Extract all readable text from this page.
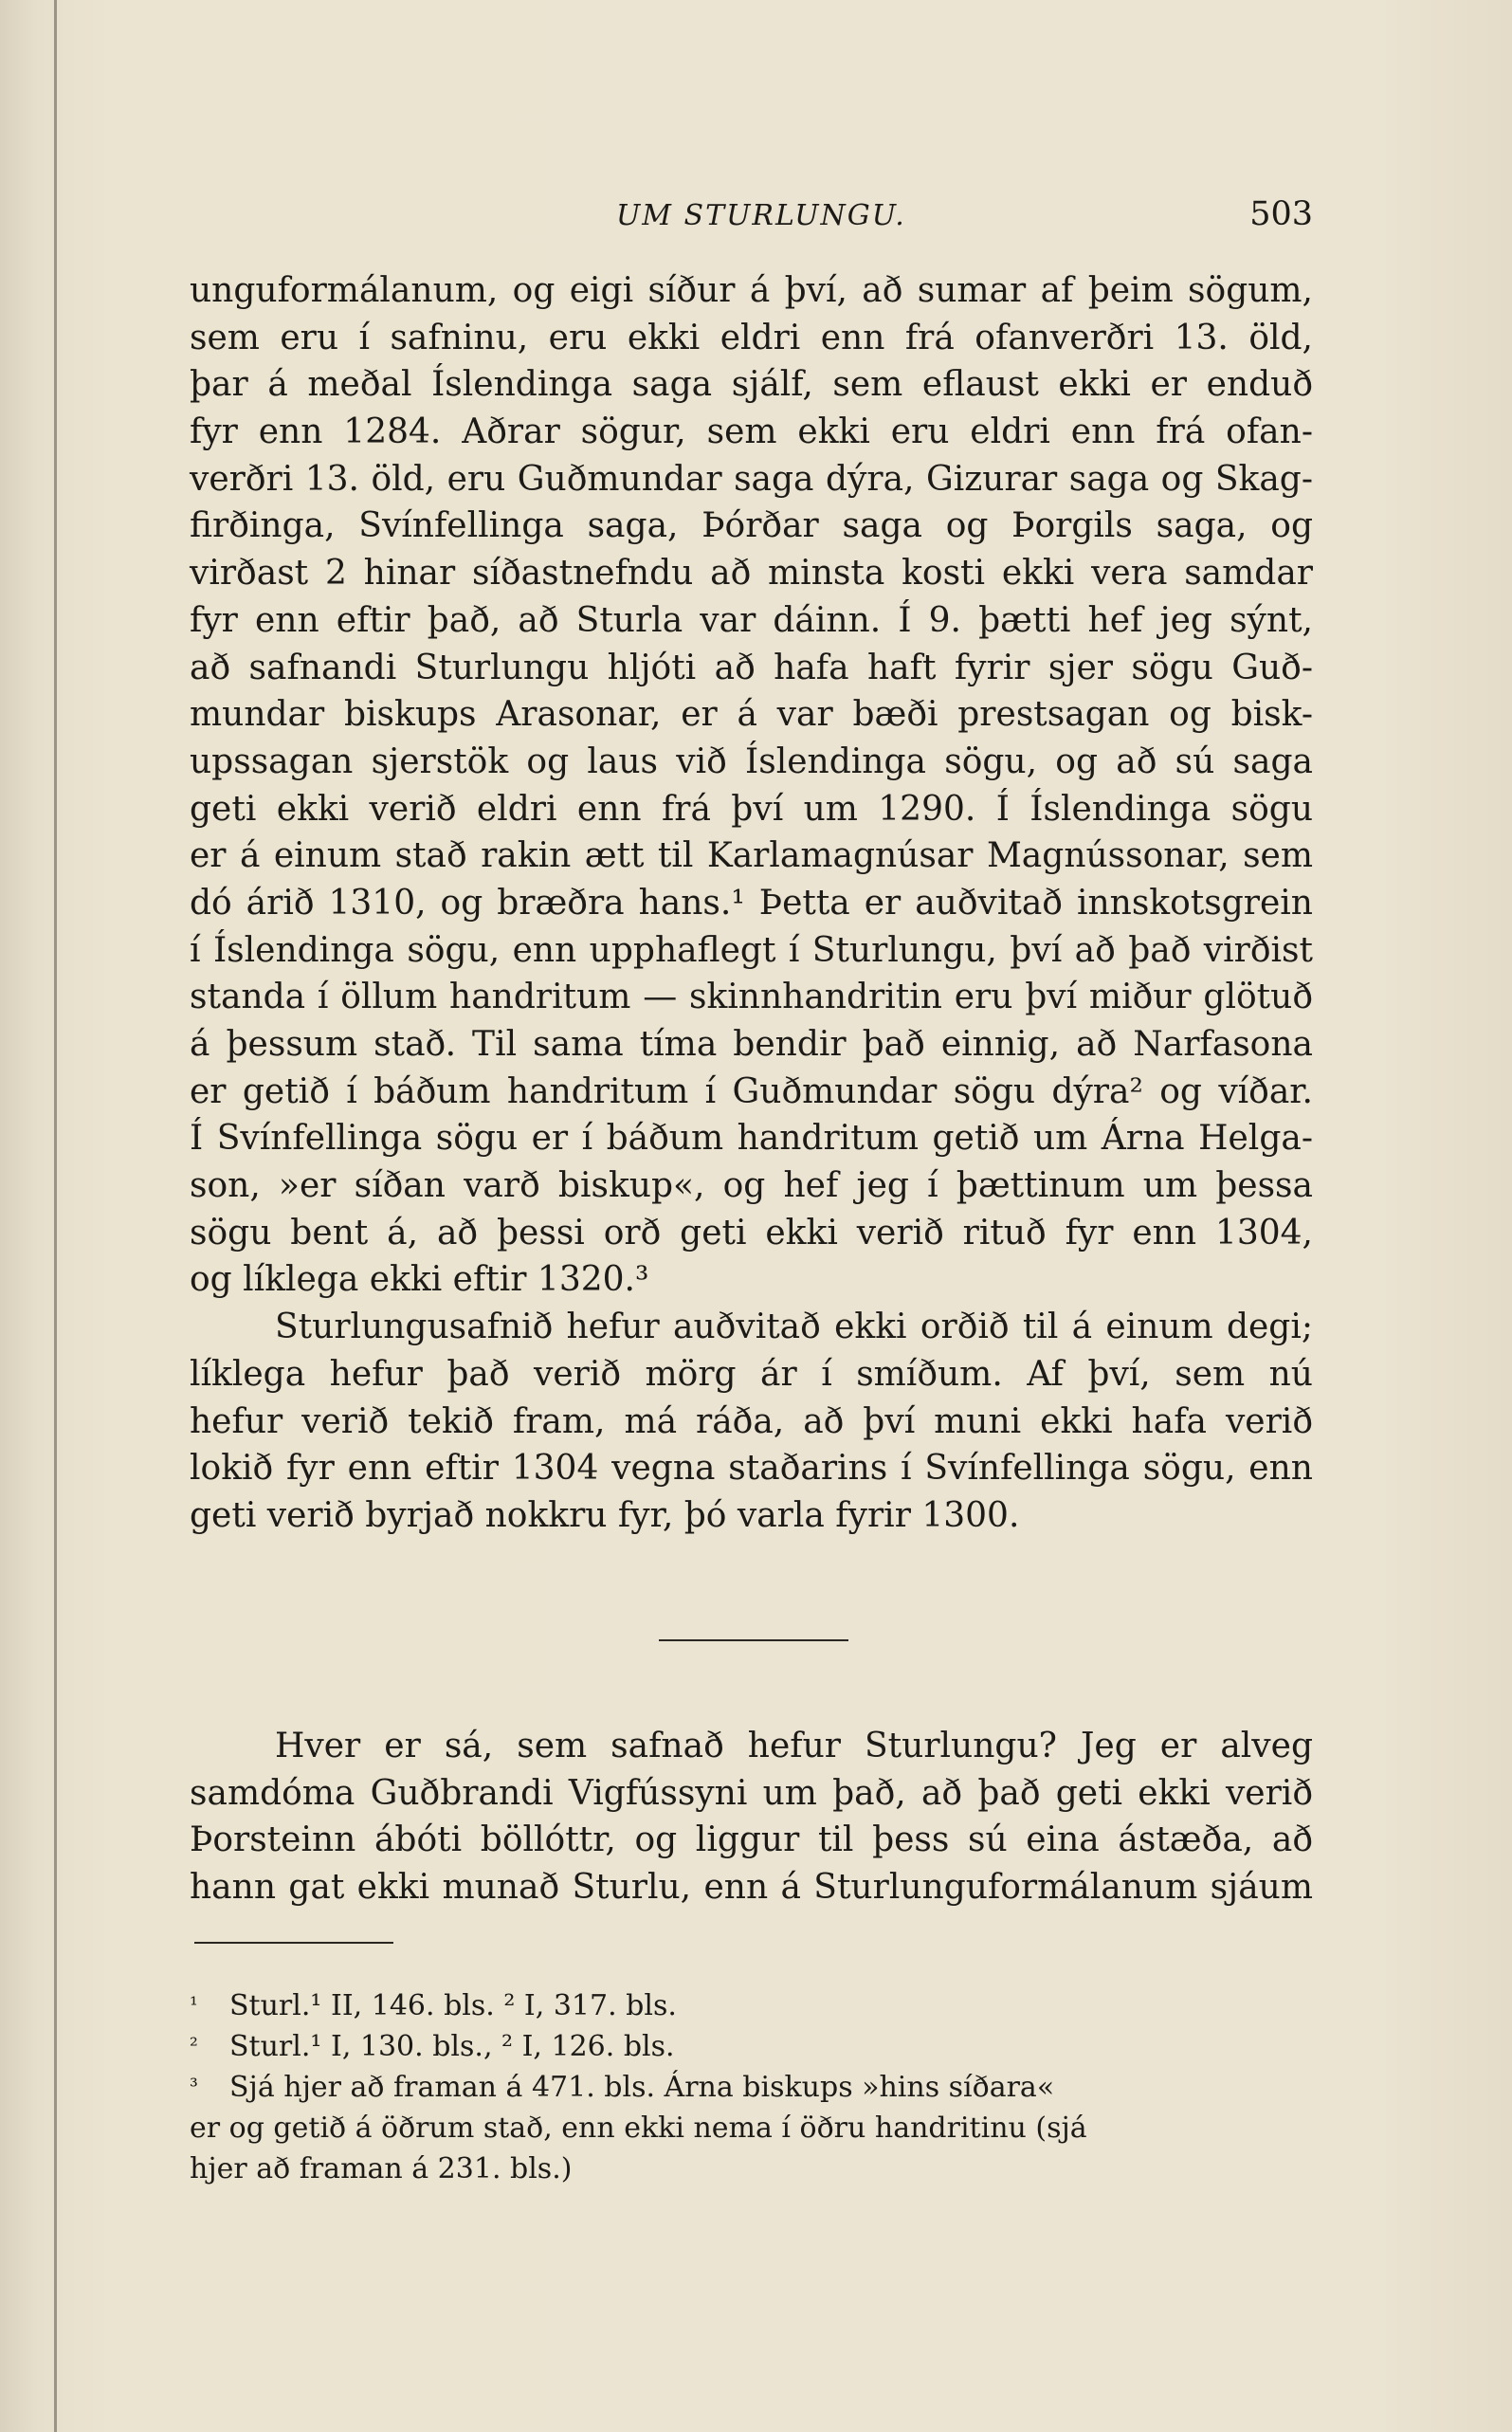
UM STURLUNGU.	503
unguformálanum, og eigi síður á því, að sumar af þeim sögum,
sem eru í safninu, eru ekki eldri enn frá ofanverðri 13. öld,
þar á meðal Íslendinga saga sjálf, sem eflaust ekki er enduð
fyr enn 1284. Aðrar sögur, sem ekki eru eldri enn frá ofan-
verðri 13. öld, eru Guðmundar saga dýra, Gizurar saga og Skag-
firðinga, Svínfellinga saga, Þórðar saga og Þorgils saga, og
virðast 2 hinar síðastnefndu að minsta kosti ekki vera samdar
fyr enn eftir það, að Sturla var dáinn. Í 9. þætti hef jeg sýnt,
að safnandi Sturlungu hljóti að hafa haft fyrir sjer sögu Guð-
mundar biskups Arasonar, er á var bæði prestsagan og bisk-
upssagan sjerstök og laus við Íslendinga sögu, og að sú saga
geti ekki verið eldri enn frá því um 1290. Í Íslendinga sögu
er á einum stað rakin ætt til Karlamagnúsar Magnússonar, sem
dó árið 1310, og bræðra hans.¹ Þetta er auðvitað innskotsgrein
í Íslendinga sögu, enn upphaflegt í Sturlungu, því að það virðist
standa í öllum handritum — skinnhandritin eru því miður glötuð
á þessum stað. Til sama tíma bendir það einnig, að Narfasona
er getið í báðum handritum í Guðmundar sögu dýra² og víðar.
Í Svínfellinga sögu er í báðum handritum getið um Árna Helga-
son, »er síðan varð biskup«, og hef jeg í þættinum um þessa
sögu bent á, að þessi orð geti ekki verið rituð fyr enn 1304,
og líklega ekki eftir 1320.³
Sturlungusafnið hefur auðvitað ekki orðið til á einum degi;
líklega hefur það verið mörg ár í smíðum. Af því, sem nú
hefur verið tekið fram, má ráða, að því muni ekki hafa verið
lokið fyr enn eftir 1304 vegna staðarins í Svínfellinga sögu, enn
geti verið byrjað nokkru fyr, þó varla fyrir 1300.
Hver er sá, sem safnað hefur Sturlungu? Jeg er alveg
samdóma Guðbrandi Vigfússyni um það, að það geti ekki verið
Þorsteinn ábóti böllóttr, og liggur til þess sú eina ástæða, að
hann gat ekki munað Sturlu, enn á Sturlunguformálanum sjáum
¹ Sturl.¹ II, 146. bls. ² I, 317. bls.
² Sturl.¹ I, 130. bls., ² I, 126. bls.
³ Sjá hjer að framan á 471. bls. Árna biskups »hins síðara«
er og getið á öðrum stað, enn ekki nema í öðru handritinu (sjá
hjer að framan á 231. bls.)
